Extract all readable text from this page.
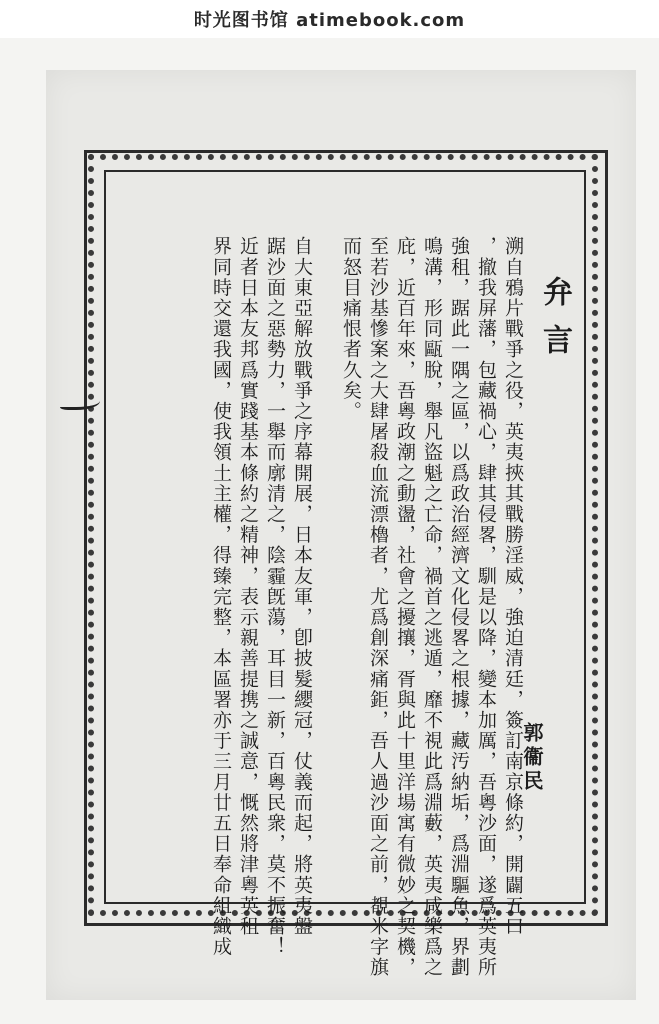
时光图书馆 atimebook.com
弁言
溯自鴉片戰爭之役，英夷挾其戰勝淫威，強迫清廷，簽訂南京條約，開闢五口
，撤我屏藩，包藏禍心，肆其侵畧，馴是以降，變本加厲，吾粵沙面，遂爲英夷所
強租，踞此一隅之區，以爲政治經濟文化侵畧之根據，藏汚納垢，爲淵驅魚，界劃
鳴溝，形同甌脫，舉凡盜魁之亡命，禍首之逃遁，靡不視此爲淵藪，英夷咸樂爲之
庇，近百年來，吾粵政潮之動盪，社會之擾攘，胥與此十里洋場寓有微妙之契機，
至若沙基慘案之大肆屠殺血流漂櫓者，尤爲創深痛鉅，吾人過沙面之前，覩米字旗
而怒目痛恨者久矣。
自大東亞解放戰爭之序幕開展，日本友軍，卽披髮纓冠，仗義而起，將英夷盤
踞沙面之惡勢力，一舉而廓清之，陰霾旣蕩，耳目一新，百粵民衆，莫不振奮！
近者日本友邦爲實踐基本條約之精神，表示親善提携之誠意，慨然將津粵英租
界同時交還我國，使我領土主權，得臻完整，本區署亦于三月廿五日奉命組織成	郭衞民
